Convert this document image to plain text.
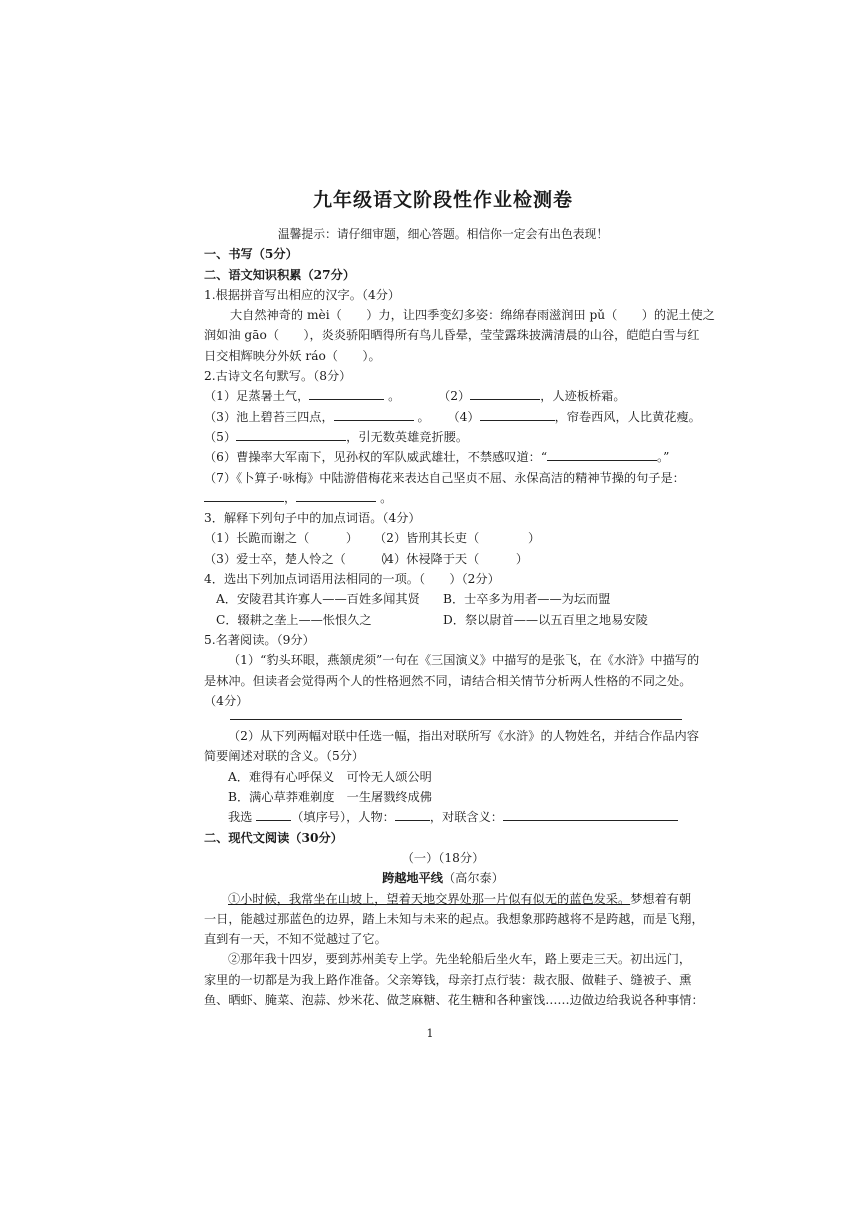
九年级语文阶段性作业检测卷
温馨提示：请仔细审题，细心答题。相信你一定会有出色表现！
一、书写（5分）
二、语文知识积累（27分）
1.根据拼音写出相应的汉字。（4分）
大自然神奇的 mèi（　　）力，让四季变幻多姿：绵绵春雨滋润田 pǔ（　　）的泥土使之
润如油 gāo（　　），炎炎骄阳晒得所有鸟儿昏晕，莹莹露珠披满清晨的山谷，皑皑白雪与红
日交相辉映分外妖 ráo（　　）。
2.古诗文名句默写。（8分）
（1）足蒸暑土气，	。	（2）	，人迹板桥霜。
（3）池上碧苔三四点，	。 （4）	，帘卷西风，人比黄花瘦。
（5）	，引无数英雄竞折腰。
（6）曹操率大军南下，见孙权的军队威武雄壮，不禁感叹道：“	。”
（7）《卜算子·咏梅》中陆游借梅花来表达自己坚贞不屈、永保高洁的精神节操的句子是：
，	。
3．解释下列句子中的加点词语。（4分）
（1）长跪而谢之（　　　） （2）皆刑其长吏（　　　　）
（3）爱士卒，楚人怜之（　　　）（4）休祲降于天（　　　）
4．选出下列加点词语用法相同的一项。（　　）（2分）
A．安陵君其许寡人——百姓多闻其贤 B．士卒多为用者——为坛而盟
C．辍耕之垄上——怅恨久之	D．祭以尉首——以五百里之地易安陵
5.名著阅读。（9分）
（1）“豹头环眼，燕颔虎须”一句在《三国演义》中描写的是张飞，在《水浒》中描写的
是林冲。但读者会觉得两个人的性格迥然不同，请结合相关情节分析两人性格的不同之处。
（4分）
（2）从下列两幅对联中任选一幅，指出对联所写《水浒》的人物姓名，并结合作品内容
简要阐述对联的含义。（5分）
A．难得有心呼保义　可怜无人颂公明
B．满心草莽难剃度　一生屠戮终成佛
我选	（填序号），人物：	，对联含义：
二、现代文阅读（30分）
（一）（18分）
跨越地平线（高尔泰）
①小时候，我常坐在山坡上，望着天地交界处那一片似有似无的蓝色发采。梦想着有朝
一日，能越过那蓝色的边界，踏上未知与未来的起点。我想象那跨越将不是跨越，而是飞翔，
直到有一天，不知不觉越过了它。
②那年我十四岁，要到苏州美专上学。先坐轮船后坐火车，路上要走三天。初出远门，
家里的一切都是为我上路作准备。父亲筹钱，母亲打点行装：裁衣服、做鞋子、缝被子、熏
鱼、晒虾、腌菜、泡蒜、炒米花、做芝麻糖、花生糖和各种蜜饯……边做边给我说各种事情：
1
